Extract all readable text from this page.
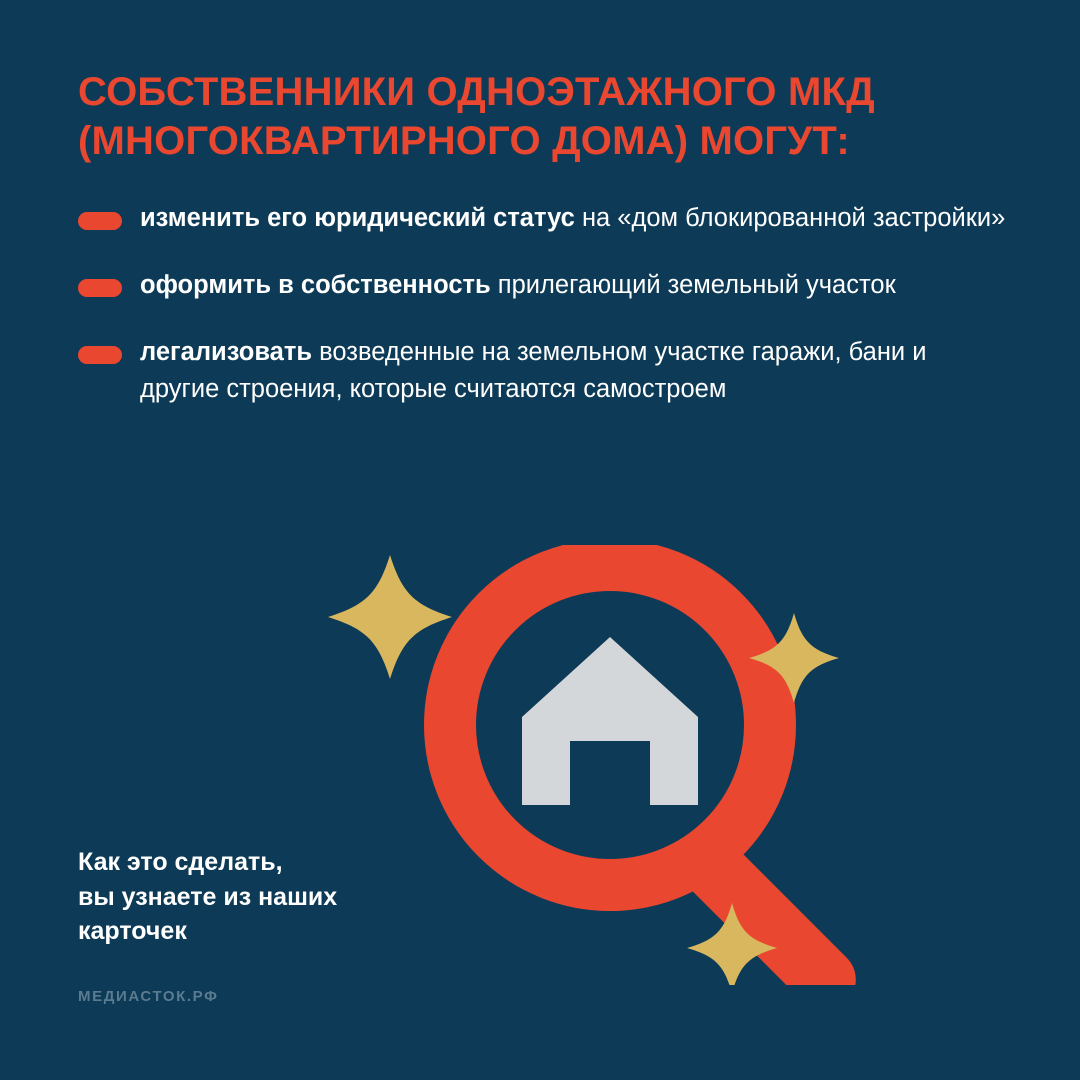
СОБСТВЕННИКИ ОДНОЭТАЖНОГО МКД
(МНОГОКВАРТИРНОГО ДОМА) МОГУТ:
изменить его юридический статус на «дом блокированной застройки»
оформить в собственность прилегающий земельный участок
легализовать возведенные на земельном участке гаражи, бани и другие строения, которые считаются самостроем
Как это сделать,
вы узнаете из наших
карточек
МЕДИАСТОК.РФ
